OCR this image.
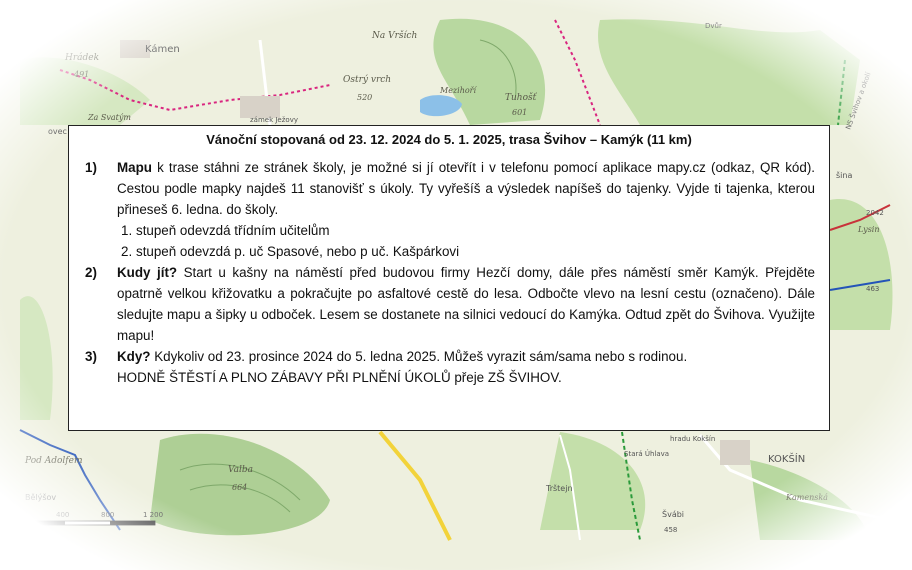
Vánoční stopovaná od 23. 12. 2024 do 5. 1. 2025, trasa Švihov – Kamýk (11 km)
1)	Mapu k trase stáhni ze stránek školy, je možné si jí otevřít i v telefonu pomocí aplikace mapy.cz (odkaz, QR kód). Cestou podle mapky najdeš 11 stanovišť s úkoly. Ty vyřešíš a výsledek napíšeš do tajenky. Vyjde ti tajenka, kterou přineseš 6. ledna. do školy.
1. stupeň odevzdá třídním učitelům
2. stupeň odevzdá p. uč Spasové, nebo p uč. Kašpárkovi
2)	Kudy jít? Start u kašny na náměstí před budovou firmy Hezčí domy, dále přes náměstí směr Kamýk. Přejděte opatrně velkou křižovatku a pokračujte po asfaltové cestě do lesa. Odbočte vlevo na lesní cestu (označeno). Dále sledujte mapu a šipky u odboček. Lesem se dostanete na silnici vedoucí do Kamýka. Odtud zpět do Švihova. Využijte mapu!
3)	Kdy? Kdykoliv od 23. prosince 2024 do 5. ledna 2025. Můžeš vyrazit sám/sama nebo s rodinou.
HODNĚ ŠTĚSTÍ A PLNO ZÁBAVY PŘI PLNĚNÍ ÚKOLŮ přeje ZŠ ŠVIHOV.
